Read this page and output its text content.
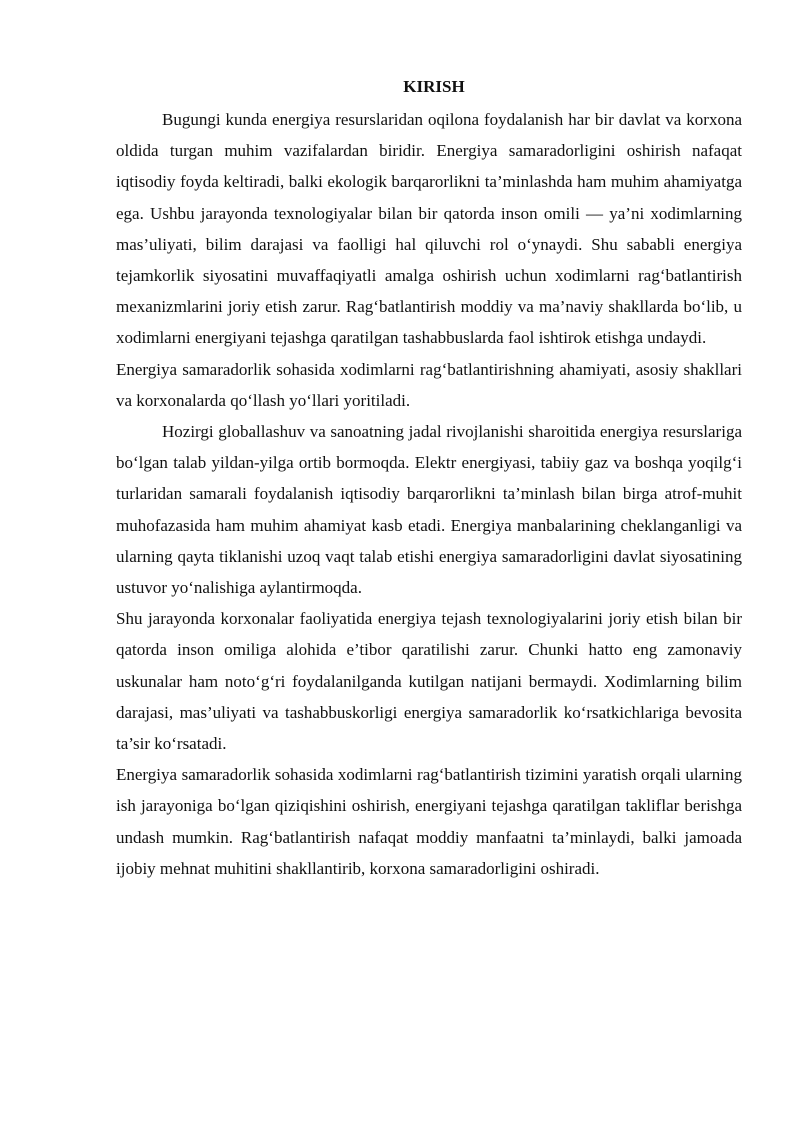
KIRISH

Bugungi kunda energiya resurslaridan oqilona foydalanish har bir davlat va korxona oldida turgan muhim vazifalardan biridir. Energiya samaradorligini oshirish nafaqat iqtisodiy foyda keltiradi, balki ekologik barqarorlikni ta’minlashda ham muhim ahamiyatga ega. Ushbu jarayonda texnologiyalar bilan bir qatorda inson omili — ya’ni xodimlarning mas’uliyati, bilim darajasi va faolligi hal qiluvchi rol o‘ynaydi. Shu sababli energiya tejamkorlik siyosatini muvaffaqiyatli amalga oshirish uchun xodimlarni rag‘batlantirish mexanizmlarini joriy etish zarur. Rag‘batlantirish moddiy va ma’naviy shakllarda bo‘lib, u xodimlarni energiyani tejashga qaratilgan tashabbuslarda faol ishtirok etishga undaydi.

Energiya samaradorlik sohasida xodimlarni rag‘batlantirishning ahamiyati, asosiy shakllari va korxonalarda qo‘llash yo‘llari yoritiladi.

Hozirgi globallashuv va sanoatning jadal rivojlanishi sharoitida energiya resurslariga bo‘lgan talab yildan-yilga ortib bormoqda. Elektr energiyasi, tabiiy gaz va boshqa yoqilg‘i turlaridan samarali foydalanish iqtisodiy barqarorlikni ta’minlash bilan birga atrof-muhit muhofazasida ham muhim ahamiyat kasb etadi. Energiya manbalarining cheklanganligi va ularning qayta tiklanishi uzoq vaqt talab etishi energiya samaradorligini davlat siyosatining ustuvor yo‘nalishiga aylantirmoqda.

Shu jarayonda korxonalar faoliyatida energiya tejash texnologiyalarini joriy etish bilan bir qatorda inson omiliga alohida e’tibor qaratilishi zarur. Chunki hatto eng zamonaviy uskunalar ham noto‘g‘ri foydalanilganda kutilgan natijani bermaydi. Xodimlarning bilim darajasi, mas’uliyati va tashabbuskorligi energiya samaradorlik ko‘rsatkichlariga bevosita ta’sir ko‘rsatadi.

Energiya samaradorlik sohasida xodimlarni rag‘batlantirish tizimini yaratish orqali ularning ish jarayoniga bo‘lgan qiziqishini oshirish, energiyani tejashga qaratilgan takliflar berishga undash mumkin. Rag‘batlantirish nafaqat moddiy manfaatni ta’minlaydi, balki jamoada ijobiy mehnat muhitini shakllantirib, korxona samaradorligini oshiradi.
